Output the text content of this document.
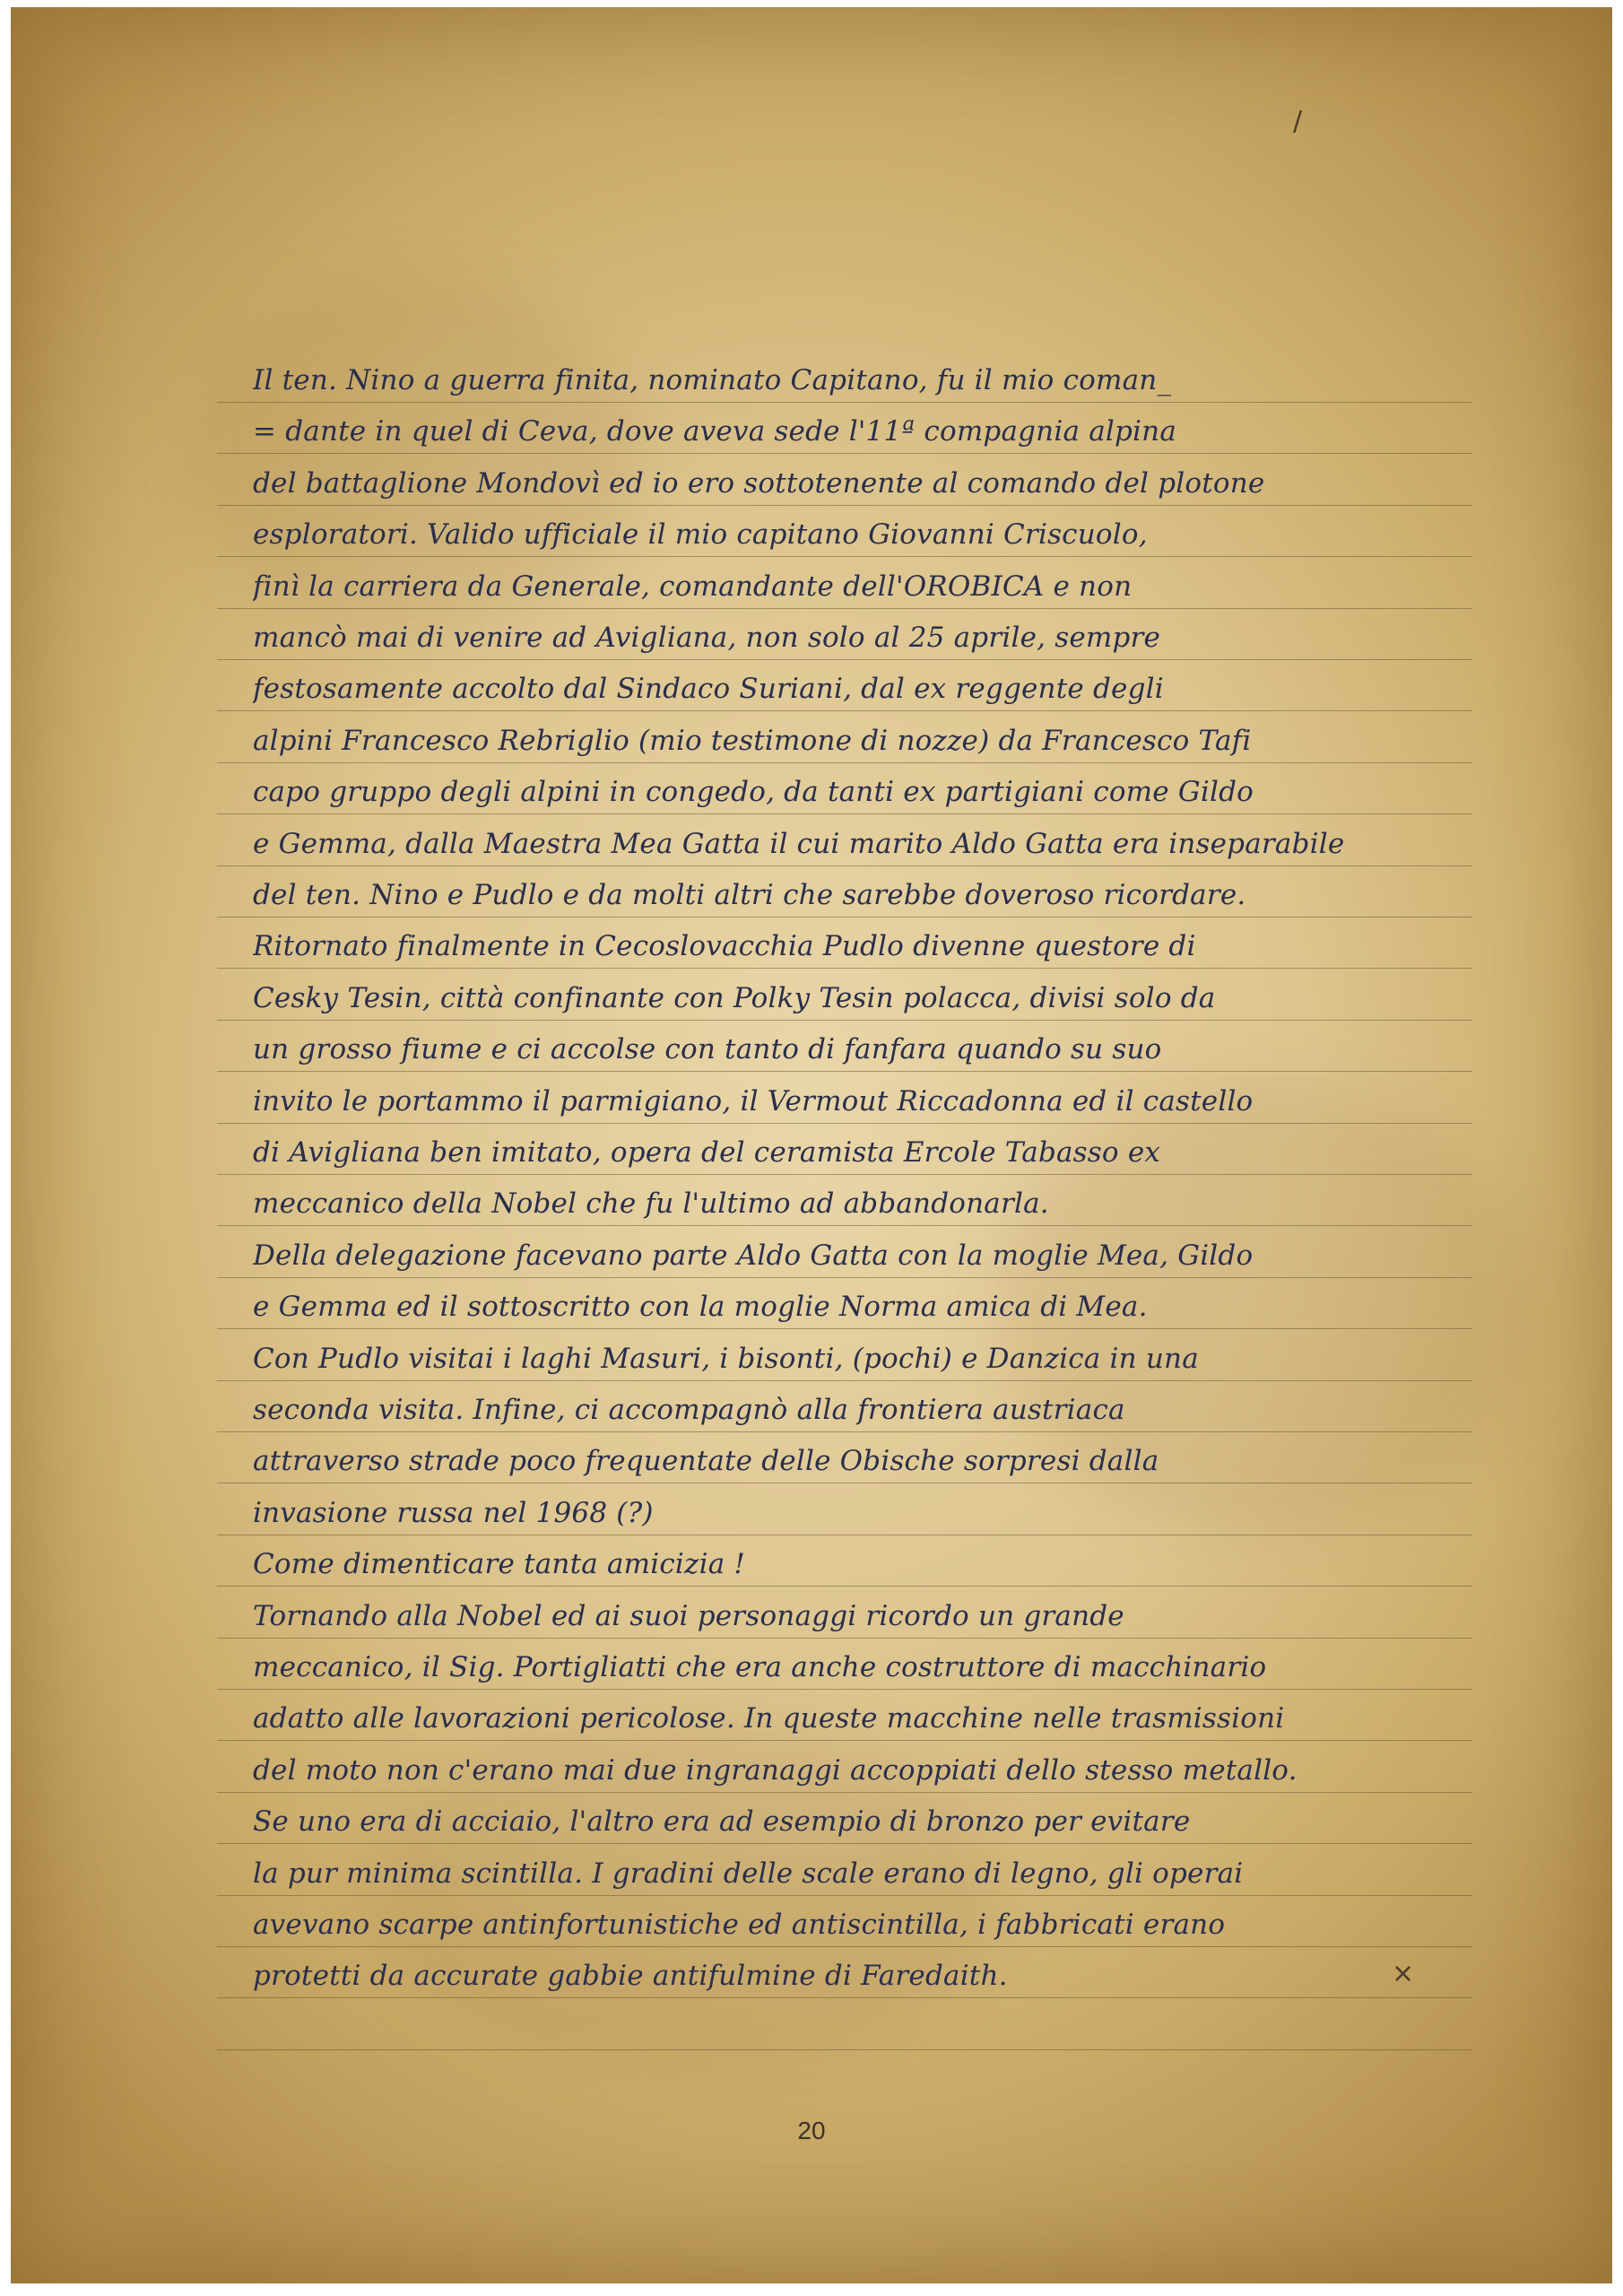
/
Il ten. Nino a guerra finita, nominato Capitano, fu il mio coman_
= dante in quel di Ceva, dove aveva sede l'11ª compagnia alpina
del battaglione Mondovì ed io ero sottotenente al comando del plotone
esploratori. Valido ufficiale il mio capitano Giovanni Criscuolo,
finì la carriera da Generale, comandante dell'OROBICA e non
mancò mai di venire ad Avigliana, non solo al 25 aprile, sempre
festosamente accolto dal Sindaco Suriani, dal ex reggente degli
alpini Francesco Rebriglio (mio testimone di nozze) da Francesco Tafi
capo gruppo degli alpini in congedo, da tanti ex partigiani come Gildo
e Gemma, dalla Maestra Mea Gatta il cui marito Aldo Gatta era inseparabile
del ten. Nino e Pudlo e da molti altri che sarebbe doveroso ricordare.
Ritornato finalmente in Cecoslovacchia Pudlo divenne questore di
Cesky Tesin, città confinante con Polky Tesin polacca, divisi solo da
un grosso fiume e ci accolse con tanto di fanfara quando su suo
invito le portammo il parmigiano, il Vermout Riccadonna ed il castello
di Avigliana ben imitato, opera del ceramista Ercole Tabasso ex
meccanico della Nobel che fu l'ultimo ad abbandonarla.
Della delegazione facevano parte Aldo Gatta con la moglie Mea, Gildo
e Gemma ed il sottoscritto con la moglie Norma amica di Mea.
Con Pudlo visitai i laghi Masuri, i bisonti, (pochi) e Danzica in una
seconda visita. Infine, ci accompagnò alla frontiera austriaca
attraverso strade poco frequentate delle Obische sorpresi dalla
invasione russa nel 1968 (?)
Come dimenticare tanta amicizia !
Tornando alla Nobel ed ai suoi personaggi ricordo un grande
meccanico, il Sig. Portigliatti che era anche costruttore di macchinario
adatto alle lavorazioni pericolose. In queste macchine nelle trasmissioni
del moto non c'erano mai due ingranaggi accoppiati dello stesso metallo.
Se uno era di acciaio, l'altro era ad esempio di bronzo per evitare
la pur minima scintilla. I gradini delle scale erano di legno, gli operai
avevano scarpe antinfortunistiche ed antiscintilla, i fabbricati erano
protetti da accurate gabbie antifulmine di Faredaith.	×
20
